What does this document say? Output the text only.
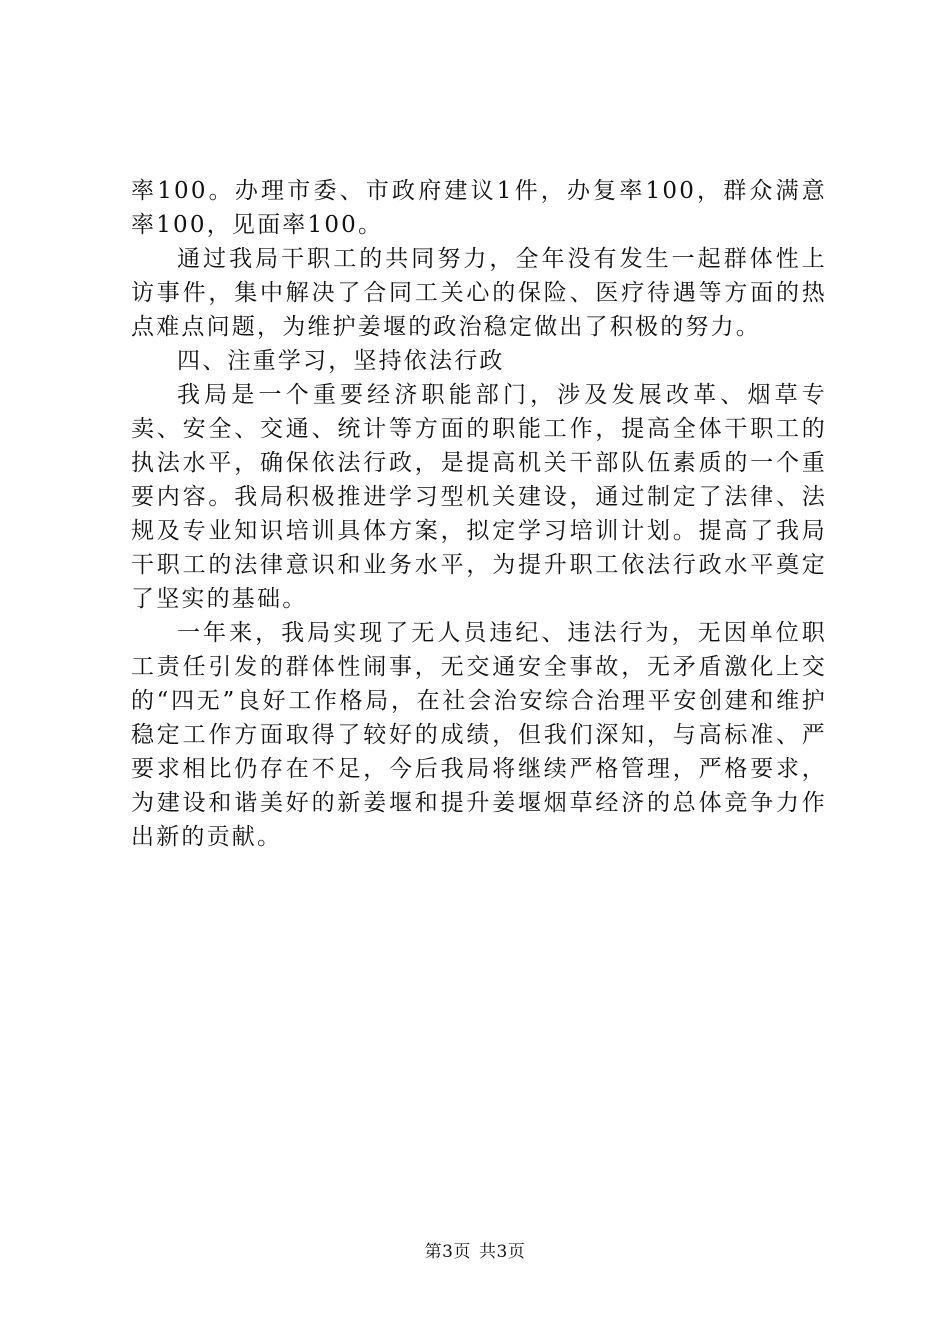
率100。办理市委、市政府建议1件，办复率100，群众满意率100，见面率100。

通过我局干职工的共同努力，全年没有发生一起群体性上访事件，集中解决了合同工关心的保险、医疗待遇等方面的热点难点问题，为维护姜堰的政治稳定做出了积极的努力。

四、注重学习，坚持依法行政

我局是一个重要经济职能部门，涉及发展改革、烟草专卖、安全、交通、统计等方面的职能工作，提高全体干职工的执法水平，确保依法行政，是提高机关干部队伍素质的一个重要内容。我局积极推进学习型机关建设，通过制定了法律、法规及专业知识培训具体方案，拟定学习培训计划。提高了我局干职工的法律意识和业务水平，为提升职工依法行政水平奠定了坚实的基础。

一年来，我局实现了无人员违纪、违法行为，无因单位职工责任引发的群体性闹事，无交通安全事故，无矛盾激化上交的“四无”良好工作格局，在社会治安综合治理平安创建和维护稳定工作方面取得了较好的成绩，但我们深知，与高标准、严要求相比仍存在不足，今后我局将继续严格管理，严格要求，为建设和谐美好的新姜堰和提升姜堰烟草经济的总体竞争力作出新的贡献。

第3页 共3页
